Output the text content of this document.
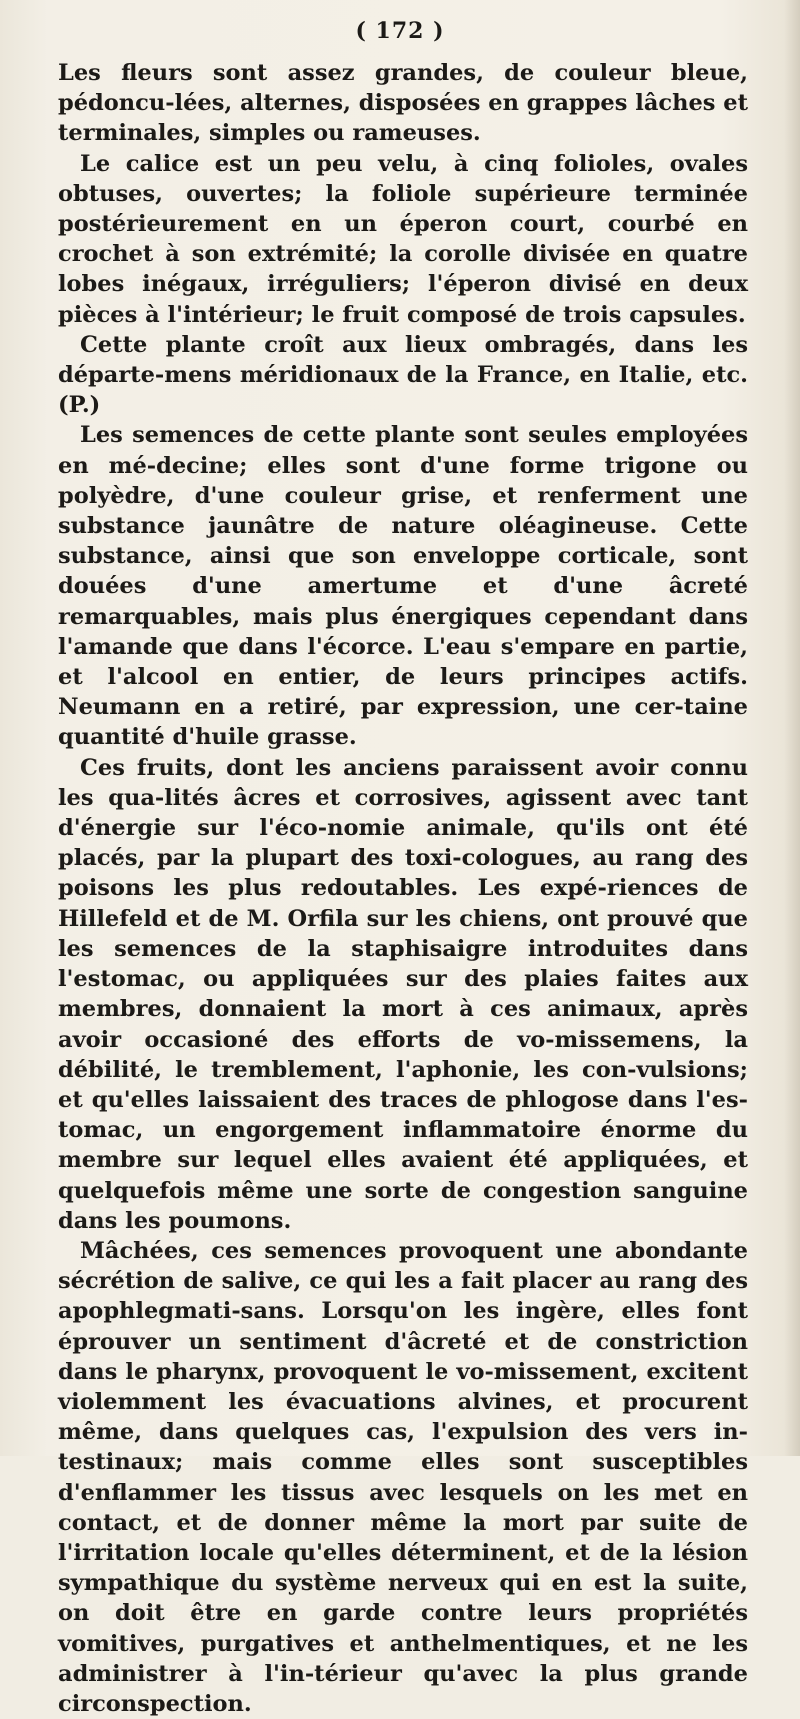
( 172 )

Les fleurs sont assez grandes, de couleur bleue, pédoncu-lées, alternes, disposées en grappes lâches et terminales, simples ou rameuses.

Le calice est un peu velu, à cinq folioles, ovales obtuses, ouvertes; la foliole supérieure terminée postérieurement en un éperon court, courbé en crochet à son extrémité; la corolle divisée en quatre lobes inégaux, irréguliers; l'éperon divisé en deux pièces à l'intérieur; le fruit composé de trois capsules.

Cette plante croît aux lieux ombragés, dans les départe-mens méridionaux de la France, en Italie, etc. (P.)

Les semences de cette plante sont seules employées en mé-decine; elles sont d'une forme trigone ou polyèdre, d'une couleur grise, et renferment une substance jaunâtre de nature oléagineuse. Cette substance, ainsi que son enveloppe corticale, sont douées d'une amertume et d'une âcreté remarquables, mais plus énergiques cependant dans l'amande que dans l'écorce. L'eau s'empare en partie, et l'alcool en entier, de leurs principes actifs. Neumann en a retiré, par expression, une cer-taine quantité d'huile grasse.

Ces fruits, dont les anciens paraissent avoir connu les qua-lités âcres et corrosives, agissent avec tant d'énergie sur l'éco-nomie animale, qu'ils ont été placés, par la plupart des toxi-cologues, au rang des poisons les plus redoutables. Les expé-riences de Hillefeld et de M. Orfila sur les chiens, ont prouvé que les semences de la staphisaigre introduites dans l'estomac, ou appliquées sur des plaies faites aux membres, donnaient la mort à ces animaux, après avoir occasioné des efforts de vo-missemens, la débilité, le tremblement, l'aphonie, les con-vulsions; et qu'elles laissaient des traces de phlogose dans l'es-tomac, un engorgement inflammatoire énorme du membre sur lequel elles avaient été appliquées, et quelquefois même une sorte de congestion sanguine dans les poumons.

Mâchées, ces semences provoquent une abondante sécrétion de salive, ce qui les a fait placer au rang des apophlegmati-sans. Lorsqu'on les ingère, elles font éprouver un sentiment d'âcreté et de constriction dans le pharynx, provoquent le vo-missement, excitent violemment les évacuations alvines, et procurent même, dans quelques cas, l'expulsion des vers in-testinaux; mais comme elles sont susceptibles d'enflammer les tissus avec lesquels on les met en contact, et de donner même la mort par suite de l'irritation locale qu'elles déterminent, et de la lésion sympathique du système nerveux qui en est la suite, on doit être en garde contre leurs propriétés vomitives, purgatives et anthelmentiques, et ne les administrer à l'in-térieur qu'avec la plus grande circonspection.
